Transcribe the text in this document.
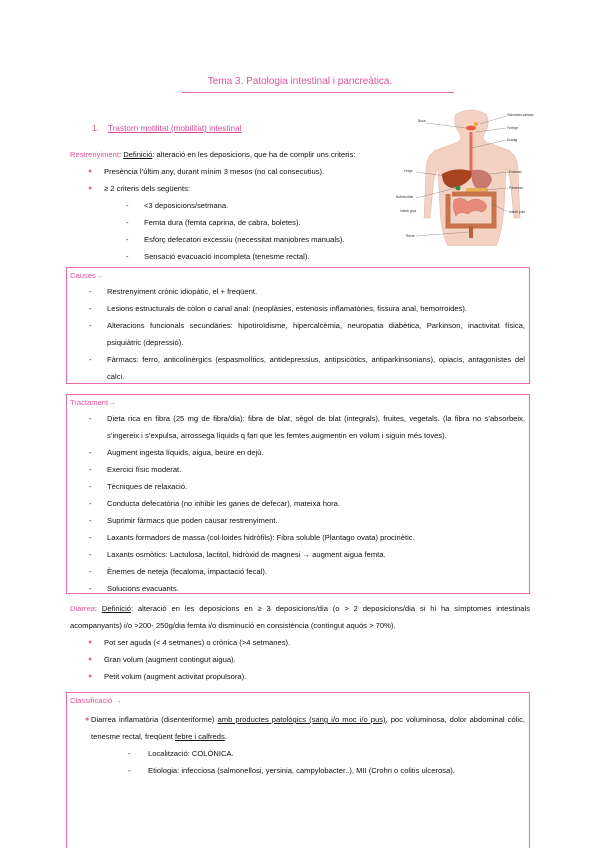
Tema 3. Patologia intestinal i pancreàtica.
1. Trastorn motilitat (mobilitat) intestinal
Boca
Glàndules salivals
Faringe
Esòfag
Fetge	Estómac
Bufeta biliar
Páncrees
Intestí prim
Intestí gros
Recte
Restrenyiment: Definició: alteració en les deposicions, que ha de complir uns criteris:
● Presència l’últim any, durant mínim 3 mesos (no cal consecutius).
● ≥ 2 criteris dels següents:
- <3 deposicions/setmana.
- Femta dura (femta caprina, de cabra, boletes).
- Esforç defecatori excessiu (necessitat maniobres manuals).
- Sensació evacuació incompleta (tenesme rectal).
Causes→
- Restrenyiment crònic idiopàtic, el + freqüent.
- Lesions estructurals de còlon o canal anal: (neoplàsies, estenosis inflamatòries, fissura anal, hemorroides).
- Alteracions funcionals secundàries: hipotiroïdisme, hipercalcèmia, neuropatia diabètica, Parkinson, inactivitat física, psiquiàtric (depressió).
- Fàrmacs: ferro, anticolinèrgics (espasmolítics, antidepressius, antipsicòtics, antiparkinsonians), opiacis, antagonistes del calci.
Tractament→
- Dieta rica en fibra (25 mg de fibra/dia): fibra de blat, sègol de blat (integrals), fruites, vegetals. (la fibra no s’absorbeix, s’ingereix i s’expulsa, arrossega líquids q fan que les femtes augmentin en volum i siguin més toves).
- Augment ingesta líquids, aigua, beure en dejú.
- Exercici físic moderat.
- Tècniques de relaxació.
- Conducta defecatòria (no inhibir les ganes de defecar), mateixa hora.
- Suprimir fàrmacs que poden causar restrenyiment.
- Laxants formadors de massa (col·loides hidròfils): Fibra soluble (Plantago ovata) procinètic.
- Laxants osmòtics: Lactulosa, lactitol, hidròxid de magnesi → augment aigua femta.
- Ènemes de neteja (fecaloma, impactació fecal).
- Solucions evacuants.
Diarrea: Definició: alteració en les deposicions en ≥ 3 deposicions/dia (o > 2 deposicions/dia si hi ha símptomes intestinals acompanyants) i/o >200- 250g/dia femta i/o disminució en consistència (contingut aquós > 70%).
● Pot ser aguda (< 4 setmanes) o crònica (>4 setmanes).
● Gran volum (augment contingut aigua).
● Petit volum (augment activitat propulsora).
Classificació →
● Diarrea inflamatòria (disenteriforme) amb productes patològics (sang i/o moc i/o pus), poc voluminosa, dolor abdominal cólic, tenesme rectal, freqüent febre i calfreds.
- Localització: COLÒNICA.
- Etiologia: infecciosa (salmonellosi, yersinia, campylobacter..), MII (Crohn o colitis ulcerosa).
